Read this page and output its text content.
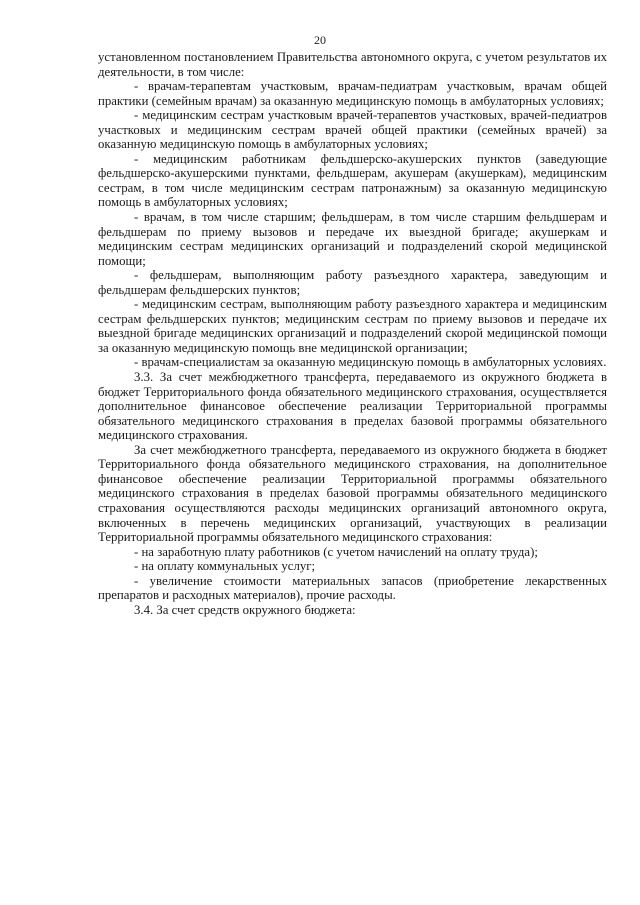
20

установленном постановлением Правительства автономного округа, с учетом результатов их деятельности, в том числе:

- врачам-терапевтам участковым, врачам-педиатрам участковым, врачам общей практики (семейным врачам) за оказанную медицинскую помощь в амбулаторных условиях;

- медицинским сестрам участковым врачей-терапевтов участковых, врачей-педиатров участковых и медицинским сестрам врачей общей практики (семейных врачей) за оказанную медицинскую помощь в амбулаторных условиях;

- медицинским работникам фельдшерско-акушерских пунктов (заведующие фельдшерско-акушерскими пунктами, фельдшерам, акушерам (акушеркам), медицинским сестрам, в том числе медицинским сестрам патронажным) за оказанную медицинскую помощь в амбулаторных условиях;

- врачам, в том числе старшим; фельдшерам, в том числе старшим фельдшерам и фельдшерам по приему вызовов и передаче их выездной бригаде; акушеркам и медицинским сестрам медицинских организаций и подразделений скорой медицинской помощи;

- фельдшерам, выполняющим работу разъездного характера, заведующим и фельдшерам фельдшерских пунктов;

- медицинским сестрам, выполняющим работу разъездного характера и медицинским сестрам фельдшерских пунктов; медицинским сестрам по приему вызовов и передаче их выездной бригаде медицинских организаций и подразделений скорой медицинской помощи за оказанную медицинскую помощь вне медицинской организации;

- врачам-специалистам за оказанную медицинскую помощь в амбулаторных условиях.

3.3. За счет межбюджетного трансферта, передаваемого из окружного бюджета в бюджет Территориального фонда обязательного медицинского страхования, осуществляется дополнительное финансовое обеспечение реализации Территориальной программы обязательного медицинского страхования в пределах базовой программы обязательного медицинского страхования.

За счет межбюджетного трансферта, передаваемого из окружного бюджета в бюджет Территориального фонда обязательного медицинского страхования, на дополнительное финансовое обеспечение реализации Территориальной программы обязательного медицинского страхования в пределах базовой программы обязательного медицинского страхования осуществляются расходы медицинских организаций автономного округа, включенных в перечень медицинских организаций, участвующих в реализации Территориальной программы обязательного медицинского страхования:

- на заработную плату работников (с учетом начислений на оплату труда);

- на оплату коммунальных услуг;

- увеличение стоимости материальных запасов (приобретение лекарственных препаратов и расходных материалов), прочие расходы.

3.4. За счет средств окружного бюджета:
